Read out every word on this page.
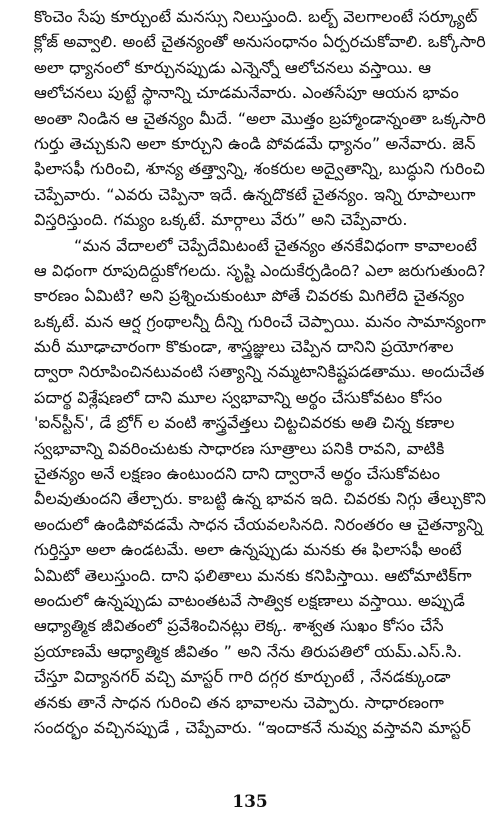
కొంచెం సేపు కూర్చుంటే మనస్సు నిలుస్తుంది. బల్బ్ వెలగాలంటే సర్క్యూట్
క్లోజ్ అవ్వాలి. అంటే చైతన్యంతో అనుసంధానం ఏర్పరచుకోవాలి. ఒక్కోసారి
అలా ధ్యానంలో కూర్చునప్పుడు ఎన్నెన్నో ఆలోచనలు వస్తాయి. ఆ
ఆలోచనలు పుట్టే స్థానాన్ని చూడమనేవారు. ఎంతసేపూ ఆయన భావం
అంతా నిండిన ఆ చైతన్యం మీదే. “అలా మొత్తం బ్రహ్మాండాన్నంతా ఒక్కసారి
గుర్తు తెచ్చుకుని అలా కూర్చుని ఉండి పోవడమే ధ్యానం” అనేవారు. జెన్
ఫిలాసఫీ గురించి, శూన్య తత్త్వాన్ని, శంకరుల అద్వైతాన్ని, బుద్ధుని గురించి
చెప్పేవారు. “ఎవరు చెప్పినా ఇదే. ఉన్నదొకటే చైతన్యం. ఇన్ని రూపాలుగా
విస్తరిస్తుంది. గమ్యం ఒక్కటే. మార్గాలు వేరు” అని చెప్పేవారు.
“మన వేదాలలో చెప్పేదేమిటంటే చైతన్యం తనకేవిధంగా కావాలంటే
ఆ విధంగా రూపుదిద్దుకోగలదు. సృష్టి ఎందుకేర్పడింది? ఎలా జరుగుతుంది?
కారణం ఏమిటి? అని ప్రశ్నించుకుంటూ పోతే చివరకు మిగిలేది చైతన్యం
ఒక్కటే. మన ఆర్ష గ్రంథాలన్నీ దీన్ని గురించే చెప్పాయి. మనం సామాన్యంగా
మరీ మూఢాచారంగా కొకుండా, శాస్త్రజ్ఞులు చెప్పిన దానిని ప్రయోగశాల
ద్వారా నిరూపించినటువంటి సత్యాన్ని నమ్మటానికిష్టపడతాము. అందుచేత
పదార్థ విశ్లేషణలో దాని మూల స్వభావాన్ని అర్థం చేసుకోవటం కోసం
'ఐన్‌స్టీన్', డే బ్రోగ్ ల వంటి శాస్త్రవేత్తలు చిట్టచివరకు అతి చిన్న కణాల
స్వభావాన్ని వివరించుటకు సాధారణ సూత్రాలు పనికి రావని, వాటికి
చైతన్యం అనే లక్షణం ఉంటుందని దాని ద్వారానే అర్థం చేసుకోవటం
వీలవుతుందని తేల్చారు. కాబట్టి ఉన్న భావన ఇది. చివరకు నిగ్గు తేల్చుకొని
అందులో ఉండిపోవడమే సాధన చేయవలసినది. నిరంతరం ఆ చైతన్యాన్ని
గుర్తిస్తూ అలా ఉండటమే. అలా ఉన్నప్పుడు మనకు ఈ ఫిలాసఫీ అంటే
ఏమిటో తెలుస్తుంది. దాని ఫలితాలు మనకు కనిపిస్తాయి. ఆటోమాటిక్‌గా
అందులో ఉన్నప్పుడు వాటంతటవే సాత్విక లక్షణాలు వస్తాయి. అప్పుడే
ఆధ్యాత్మిక జీవితంలో ప్రవేశించినట్లు లెక్క. శాశ్వత సుఖం కోసం చేసే
ప్రయాణమే ఆధ్యాత్మిక జీవితం ” అని నేను తిరుపతిలో యమ్.ఎస్.సి.
చేస్తూ విద్యానగర్ వచ్చి మాస్టర్ గారి దగ్గర కూర్చుంటే , నేనడక్కుండా
తనకు తానే సాధన గురించి తన భావాలను చెప్పారు. సాధారణంగా
సందర్భం వచ్చినప్పుడే , చెప్పేవారు. “ఇందాకనే నువ్వు వస్తావని మాస్టర్
135
